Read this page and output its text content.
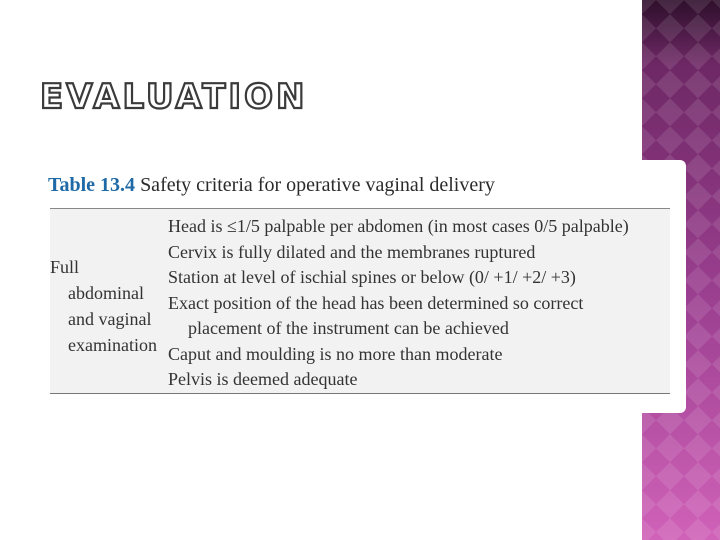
EVALUATION
Table 13.4 Safety criteria for operative vaginal delivery
Full
abdominal
and vaginal
examination
Head is ≤1/5 palpable per abdomen (in most cases 0/5 palpable)
Cervix is fully dilated and the membranes ruptured
Station at level of ischial spines or below (0/ +1/ +2/ +3)
Exact position of the head has been determined so correct
placement of the instrument can be achieved
Caput and moulding is no more than moderate
Pelvis is deemed adequate
